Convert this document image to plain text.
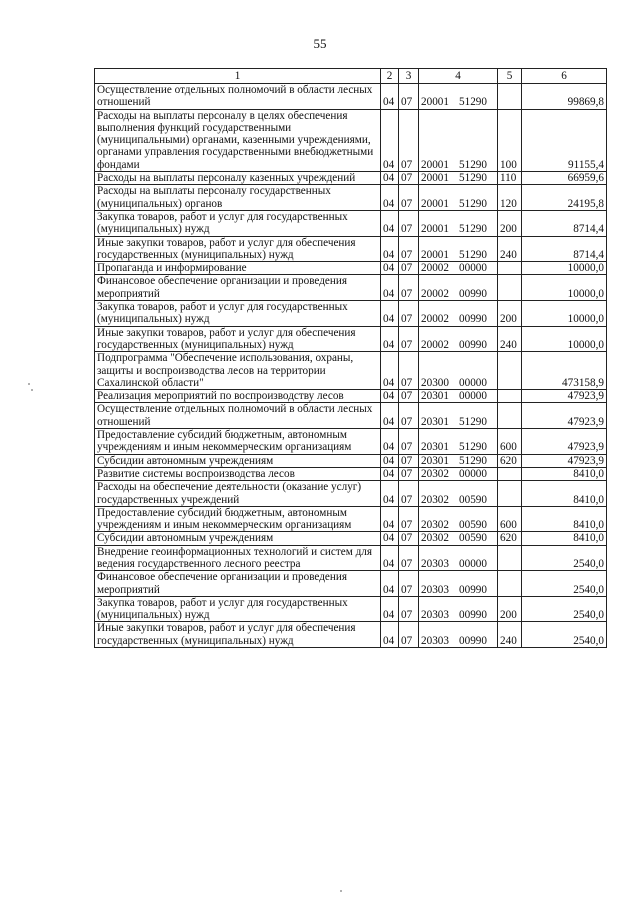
55
1	2	3	4	5	6
Осуществление отдельных полномочий в области лесных отношений	04	07	20001 51290		99869,8
Расходы на выплаты персоналу в целях обеспечения выполнения функций государственными (муниципальными) органами, казенными учреждениями, органами управления государственными внебюджетными фондами	04	07	20001 51290	100	91155,4
Расходы на выплаты персоналу казенных учреждений	04	07	20001 51290	110	66959,6
Расходы на выплаты персоналу государственных (муниципальных) органов	04	07	20001 51290	120	24195,8
Закупка товаров, работ и услуг для государственных (муниципальных) нужд	04	07	20001 51290	200	8714,4
Иные закупки товаров, работ и услуг для обеспечения государственных (муниципальных) нужд	04	07	20001 51290	240	8714,4
Пропаганда и информирование	04	07	20002 00000		10000,0
Финансовое обеспечение организации и проведения мероприятий	04	07	20002 00990		10000,0
Закупка товаров, работ и услуг для государственных (муниципальных) нужд	04	07	20002 00990	200	10000,0
Иные закупки товаров, работ и услуг для обеспечения государственных (муниципальных) нужд	04	07	20002 00990	240	10000,0
Подпрограмма "Обеспечение использования, охраны, защиты и воспроизводства лесов на территории Сахалинской области"	04	07	20300 00000		473158,9
Реализация мероприятий по воспроизводству лесов	04	07	20301 00000		47923,9
Осуществление отдельных полномочий в области лесных отношений	04	07	20301 51290		47923,9
Предоставление субсидий бюджетным, автономным учреждениям и иным некоммерческим организациям	04	07	20301 51290	600	47923,9
Субсидии автономным учреждениям	04	07	20301 51290	620	47923,9
Развитие системы воспроизводства лесов	04	07	20302 00000		8410,0
Расходы на обеспечение деятельности (оказание услуг) государственных учреждений	04	07	20302 00590		8410,0
Предоставление субсидий бюджетным, автономным учреждениям и иным некоммерческим организациям	04	07	20302 00590	600	8410,0
Субсидии автономным учреждениям	04	07	20302 00590	620	8410,0
Внедрение геоинформационных технологий и систем для ведения государственного лесного реестра	04	07	20303 00000		2540,0
Финансовое обеспечение организации и проведения мероприятий	04	07	20303 00990		2540,0
Закупка товаров, работ и услуг для государственных (муниципальных) нужд	04	07	20303 00990	200	2540,0
Иные закупки товаров, работ и услуг для обеспечения государственных (муниципальных) нужд	04	07	20303 00990	240	2540,0
